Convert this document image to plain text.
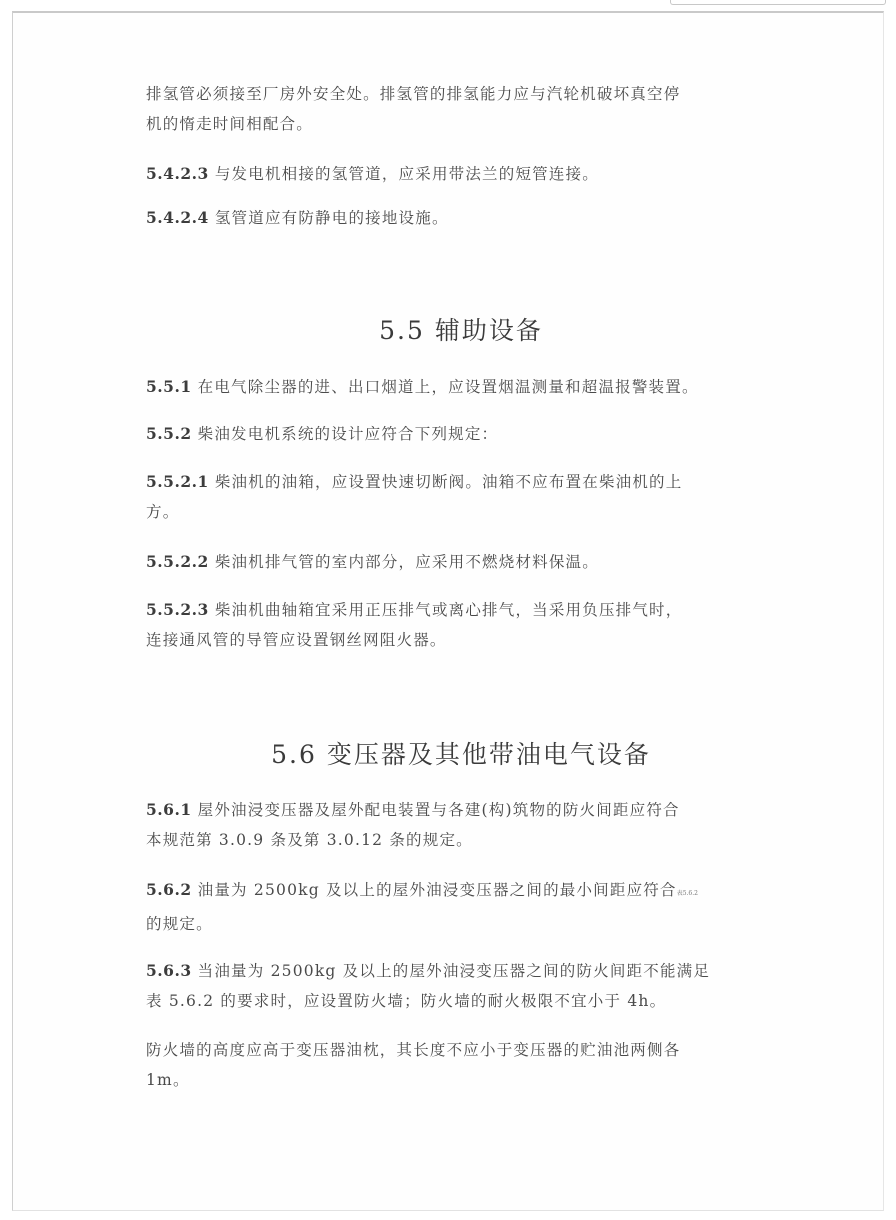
排氢管必须接至厂房外安全处。排氢管的排氢能力应与汽轮机破坏真空停
机的惰走时间相配合。
5.4.2.3 与发电机相接的氢管道，应采用带法兰的短管连接。
5.4.2.4 氢管道应有防静电的接地设施。
5.5 辅助设备
5.5.1 在电气除尘器的进、出口烟道上，应设置烟温测量和超温报警装置。
5.5.2 柴油发电机系统的设计应符合下列规定：
5.5.2.1 柴油机的油箱，应设置快速切断阀。油箱不应布置在柴油机的上
方。
5.5.2.2 柴油机排气管的室内部分，应采用不燃烧材料保温。
5.5.2.3 柴油机曲轴箱宜采用正压排气或离心排气，当采用负压排气时，
连接通风管的导管应设置钢丝网阻火器。
5.6 变压器及其他带油电气设备
5.6.1 屋外油浸变压器及屋外配电装置与各建(构)筑物的防火间距应符合
本规范第 3.0.9 条及第 3.0.12 条的规定。
5.6.2 油量为 2500kg 及以上的屋外油浸变压器之间的最小间距应符合表5.6.2
的规定。
5.6.3 当油量为 2500kg 及以上的屋外油浸变压器之间的防火间距不能满足
表 5.6.2 的要求时，应设置防火墙；防火墙的耐火极限不宜小于 4h。
防火墙的高度应高于变压器油枕，其长度不应小于变压器的贮油池两侧各
1m。
